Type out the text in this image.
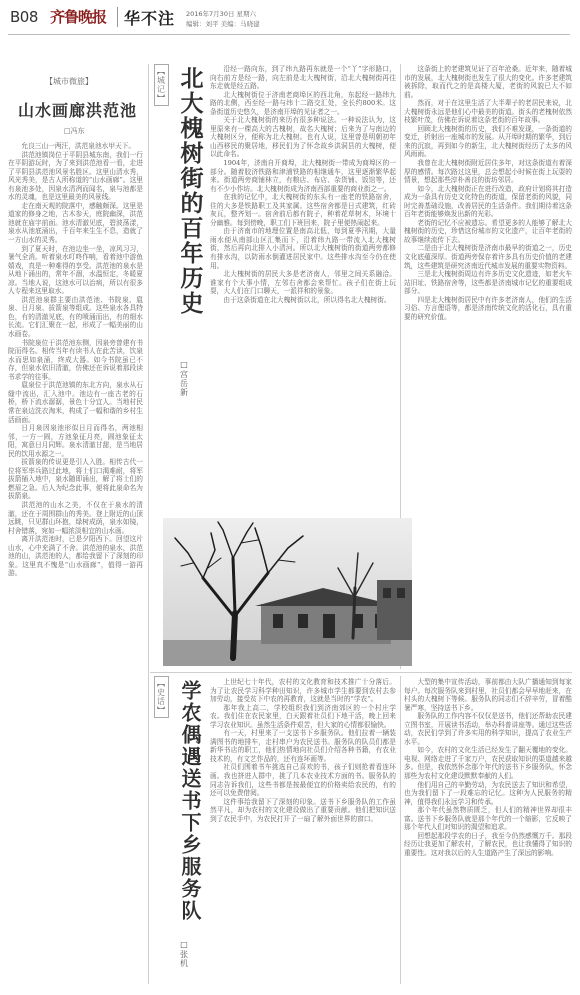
B08 齐鲁晚报 华不注 2016年7月30日 星期六
编辑：刘平 美编：马晓建
【城市微旅】
山水画廊洪范池
□冯东

允良三山一两汪，洪范泉池水甲天下。

洪范池镇岗位于平阴县城东南，我们一行在平阴游玩时，为了来到洪范池看一看，走进了平阴县洪范池风景名胜区。这里山清水秀，风光秀美，是古人所称道的“山水画廊”。这里有泉池多处，因泉水清冽而闻名，泉与池都是水的灵魂，也是这里最美的风景线。

走在南天观的院落中，感触颇深。这里是道家的修身之地，古木参天，庭院幽深，洪范池就在庙宇前面。池水清澈见底，碧波荡漾，泉水从池底涌出，千百年来生生不息，造就了一方山水的灵秀。

到了夏天时，在池边坐一坐，凉风习习，暑气全消。听着泉水叮咚作响，看着池中游鱼嬉戏，真是一种难得的享受。洪范池的泉水是从地下涌出的，常年不涸，水温恒定，冬暖夏凉。当地人说，这池水可以治病，所以有很多人专程来这里取水。

洪范池泉群主要由洪范池、书院泉、扈泉、日月泉、拔箭泉等组成。这些泉水各具特色，有的清澈见底，有的喷涌而出，有的细水长流。它们汇聚在一起，形成了一幅美丽的山水画卷。

书院泉位于洪范池东侧，因泉旁曾建有书院而得名。相传当年有读书人在此苦读，饮泉水而思如泉涌，终成大器。如今书院虽已不存，但泉水依旧清澈，仿佛还在诉说着那段读书求学的往事。

扈泉位于洪范池镇的东北方向，泉水从石缝中流出，汇入池中。池边有一座古老的石桥，桥下流水潺潺，景色十分宜人。当地村民常在泉边洗衣淘米，构成了一幅和谐的乡村生活画面。

日月泉因泉池形似日月而得名，两池相邻，一方一圆，方池象征月亮，圆池象征太阳，寓意日月同辉。泉水清澈甘甜，是当地居民的饮用水源之一。

拔箭泉的传说更是引人入胜。相传古代一位将军率兵路过此地，将士们口渴难耐，将军拔箭插入地中，泉水随即涌出，解了将士们的燃眉之急。后人为纪念此事，便将此泉命名为拔箭泉。

洪范池的山水之美，不仅在于泉水的清澈，还在于周围群山的秀美。登上附近的山顶远眺，只见群山环抱，绿树成荫，泉水如镜，村舍错落，宛如一幅浓淡相宜的山水画。

离开洪范池时，已是夕阳西下。回望这片山水，心中充满了不舍。洪范池的泉水，洪范池的山，洪范池的人，都给我留下了深刻的印象。这里真不愧是“山水画廊”，值得一游再游。

【城记】 北大槐树街的百年历史
□宫岳新

沿经一路向东，到了纬九路再东就是一个“丫”字形路口，向右前方是经一路，向左前是北大槐树街，沿北大槐树街再往东走就是经五路。

北大槐树街位于济南老商埠区的西北角，东起经一路纬九路的北侧，西至经一路与纬十二路交汇处，全长约800米。这条街道历史悠久，是济南开埠的见证者之一。

关于北大槐树街的来历有很多种说法。一种说法认为，这里原来有一棵高大的古槐树，故名大槐树；后来为了与南边的大槐树区分，便称为北大槐树。也有人说，这里曾是明朝初年山西移民的聚居地，移民们为了怀念故乡洪洞县的大槐树，便以此命名。

1904年，济南自开商埠，北大槐树街一带成为商埠区的一部分。随着胶济铁路和津浦铁路的相继通车，这里逐渐繁华起来。街道两旁商铺林立，有粮店、布店、杂货铺、饭馆等，还有不少小作坊。北大槐树街成为济南西部重要的商业街之一。

在我的记忆中，北大槐树街的东头有一座老的铁路宿舍，住的大多是铁路职工及其家属。这些宿舍都是日式建筑，红砖灰瓦，整齐划一。宿舍前后都有院子，种着花草树木，环境十分幽雅。每到傍晚，职工们下班回来，院子里便热闹起来。

由于济南市的地理位置是南高北低，每到夏季汛期，大量雨水便从南部山区汇集而下，沿着纬九路一带流入北大槐树街，然后再向北排入小清河。所以北大槐树街的街道两旁都修有排水沟，以防雨水倒灌进居民家中。这些排水沟至今仍在使用。

北大槐树街的居民大多是老济南人，邻里之间关系融洽。谁家有个大事小情，左邻右舍都会来帮忙。孩子们在街上玩耍，大人们在门口聊天，一派祥和的景象。

由于这条街道在北大槐树街以北，所以得名北大槐树街。

这条街上的老建筑见证了百年沧桑。近年来，随着城市的发展，北大槐树街也发生了很大的变化。许多老建筑被拆除，取而代之的是高楼大厦，老街的风貌已大不如前。

然而，对于在这里生活了大半辈子的老居民来说，北大槐树街永远是他们心中最美的街道。街头的老槐树依然枝繁叶茂，仿佛在诉说着这条老街的百年故事。

回顾北大槐树街的历史，我们不难发现，一条街道的变迁，折射出一座城市的发展。从开埠时期的繁华，到后来的沉寂，再到如今的新生，北大槐树街经历了太多的风风雨雨。

我曾在北大槐树街附近居住多年，对这条街道有着深厚的感情。每次路过这里，总会想起小时候在街上玩耍的情景，想起那些淳朴善良的街坊邻居。

如今，北大槐树街正在进行改造，政府计划将其打造成为一条具有历史文化特色的街道，保留老街的风貌，同时完善基础设施，改善居民的生活条件。我们期待着这条百年老街能够焕发出新的光彩。

老街的记忆不应被遗忘。希望更多的人能够了解北大槐树街的历史，珍惜这份城市的文化遗产，让百年老街的故事继续流传下去。

二是由于北大槐树街是济南市最早的街道之一，历史文化底蕴深厚。街道两旁保存着许多具有历史价值的老建筑，这些建筑是研究济南近代城市发展的重要实物资料。

三是北大槐树街周边有许多历史文化遗迹，如老火车站旧址、铁路宿舍等，这些都是济南城市记忆的重要组成部分。

四是北大槐树街居民中有许多老济南人，他们的生活习俗、方言俚语等，都是济南传统文化的活化石，具有重要的研究价值。

【史话】 学农偶遇送书下乡服务队
□张机

上世纪七十年代，农村的文化教育和技术推广十分落后。为了让农民学习科学种田知识，许多城市学生都要到农村去参加劳动，接受贫下中农的再教育，这就是当时的“学农”。

那年我上高二，学校组织我们到济南郊区的一个村庄学农。我们住在农民家里，白天跟着社员们下地干活，晚上回来学习农业知识。虽然生活条件艰苦，但大家的心情都很愉快。

有一天，村里来了一支送书下乡服务队。他们拉着一辆装满图书的地排车，走村串户为农民送书。服务队的队员们都是新华书店的职工，他们热情地向社员们介绍各种书籍，有农业技术的，有文艺作品的，还有连环画等。

社员们围着书车挑选自己喜欢的书，孩子们则抢着看连环画。我也挤进人群中，挑了几本农业技术方面的书。服务队的同志告诉我们，这些书都是按最便宜的价格卖给农民的，有的还可以免费借阅。

这件事给我留下了深刻的印象。送书下乡服务队的工作虽然平凡，却为农村的文化建设做出了重要贡献。他们把知识送到了农民手中，为农民打开了一扇了解外面世界的窗口。

大型的集中宣传活动，事前都由大队广播通知到每家每户。每次服务队来到村里，社员们都会早早地赶来，在村头的大槐树下等候。服务队的同志们不辞辛劳，冒着酷暑严寒，坚持送书下乡。

服务队的工作内容不仅仅是送书，他们还帮助农民建立图书室，开展读书活动，举办科普讲座等。通过这些活动，农民们学到了许多实用的科学知识，提高了农业生产水平。

如今，农村的文化生活已经发生了翻天覆地的变化。电视、网络走进了千家万户，农民获取知识的渠道越来越多。但是，我依然怀念那个年代的送书下乡服务队，怀念那些为农村文化建设默默奉献的人们。

他们用自己的辛勤劳动，为农民送去了知识和希望，也为我们留下了一段难忘的记忆。这种为人民服务的精神，值得我们永远学习和传承。

那个年代虽然物质匮乏，但人们的精神世界却很丰富。送书下乡服务队就是那个年代的一个缩影，它反映了那个年代人们对知识的渴望和追求。

回想起那段学农的日子，我至今仍然感慨万千。那段经历让我更加了解农村，了解农民，也让我懂得了知识的重要性。这对我以后的人生道路产生了深远的影响。
